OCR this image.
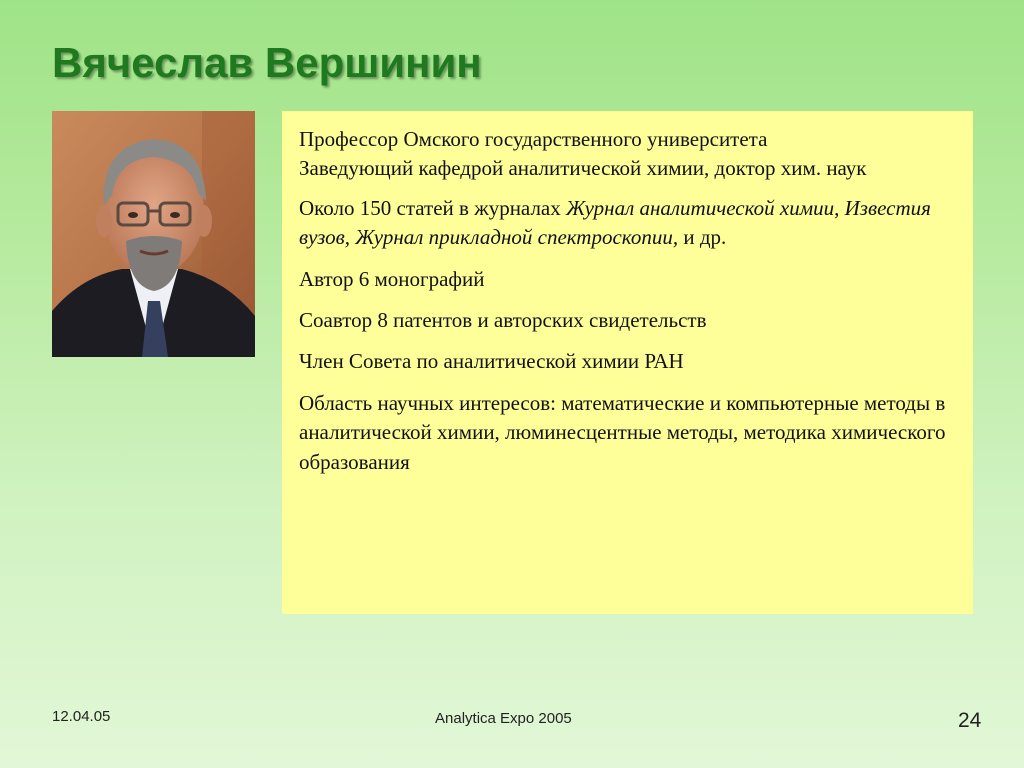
Вячеслав Вершинин

Профессор Омского государственного университета
Заведующий кафедрой аналитической химии, доктор хим. наук

Около 150 статей в журналах Журнал аналитической химии, Известия вузов, Журнал прикладной спектроскопии, и др.

Автор 6 монографий

Соавтор 8 патентов и авторских свидетельств

Член Совета по аналитической химии РАН

Область научных интересов: математические и компьютерные методы в аналитической химии, люминесцентные методы, методика химического образования

12.04.05	Analytica Expo 2005	24
